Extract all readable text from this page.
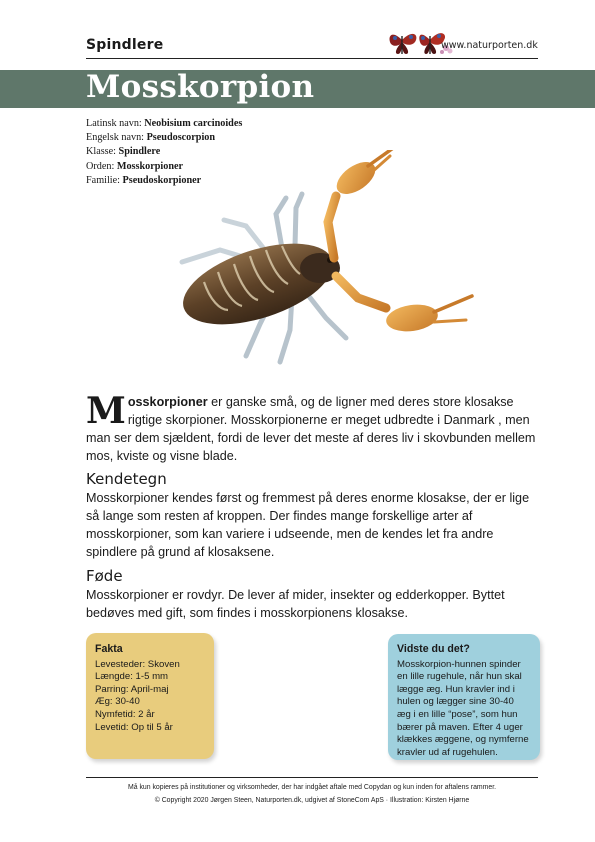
Spindlere	www.naturporten.dk
Mosskorpion
Latinsk navn: Neobisium carcinoides
Engelsk navn: Pseudoscorpion
Klasse: Spindlere
Orden: Mosskorpioner
Familie: Pseudoskorpioner
Mosskorpioner er ganske små, og de ligner med deres store klosakse rigtige skorpioner. Mosskorpionerne er meget udbredte i Danmark , men man ser dem sjældent, fordi de lever det meste af deres liv i skovbunden mellem mos, kviste og visne blade.
Kendetegn
Mosskorpioner kendes først og fremmest på deres enorme klosakse, der er lige så lange som resten af kroppen. Der findes mange forskellige arter af mosskorpioner, som kan variere i udseende, men de kendes let fra andre spindlere på grund af klosaksene.
Føde
Mosskorpioner er rovdyr. De lever af mider, insekter og edderkopper. Byttet bedøves med gift, som findes i mosskorpionens klosakse.
Fakta
Levesteder: Skoven
Længde: 1-5 mm
Parring: April-maj
Æg: 30-40
Nymfetid: 2 år
Levetid: Op til 5 år
Vidste du det?
Mosskorpion-hunnen spinder
en lille rugehule, når hun skal
lægge æg. Hun kravler ind i
hulen og lægger sine 30-40
æg i en lille “pose”, som hun
bærer på maven. Efter 4 uger
klækkes æggene, og nymferne
kravler ud af rugehulen.
Må kun kopieres på institutioner og virksomheder, der har indgået aftale med Copydan og kun inden for aftalens rammer.
© Copyright 2020 Jørgen Steen, Naturporten.dk, udgivet af StoneCom ApS · Illustration: Kirsten Hjørne
